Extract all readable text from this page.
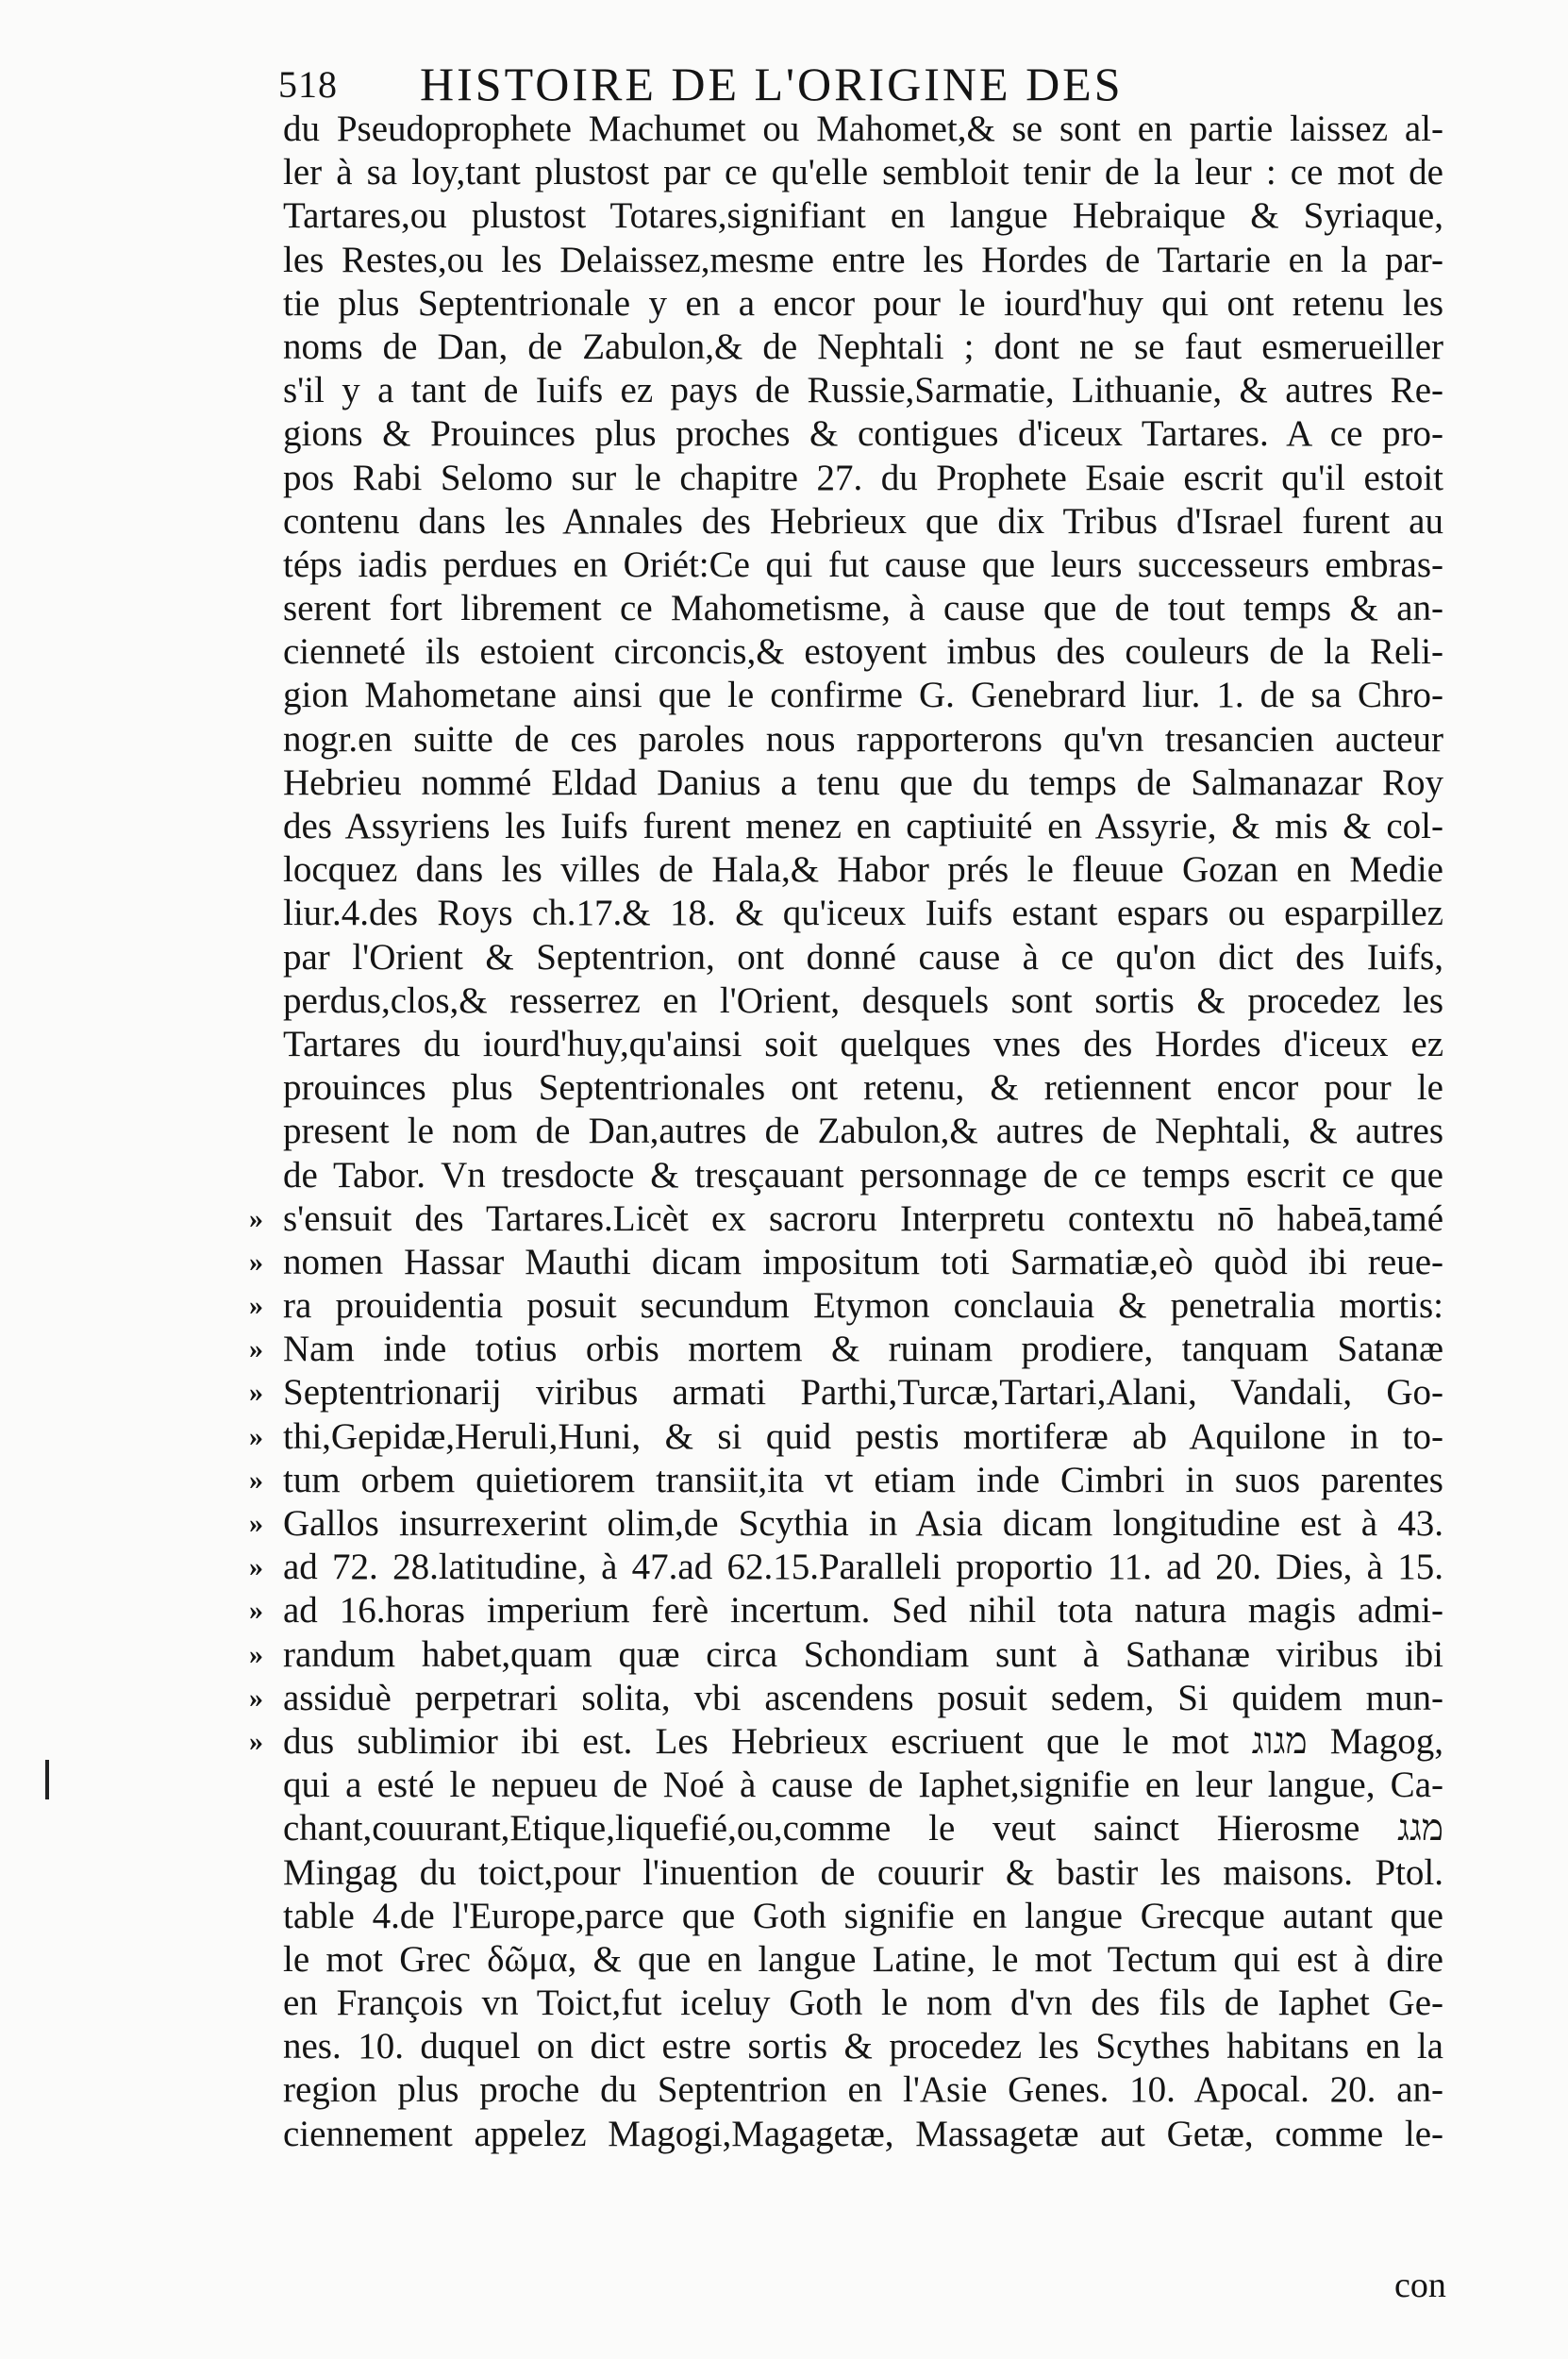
518 HISTOIRE DE L'ORIGINE DES
du Pseudoprophete Machumet ou Mahomet,& se sont en partie laissez al-
ler à sa loy,tant plustost par ce qu'elle sembloit tenir de la leur : ce mot de
Tartares,ou plustost Totares,signifiant en langue Hebraique & Syriaque,
les Restes,ou les Delaissez,mesme entre les Hordes de Tartarie en la par-
tie plus Septentrionale y en a encor pour le iourd'huy qui ont retenu les
noms de Dan, de Zabulon,& de Nephtali ; dont ne se faut esmerueiller
s'il y a tant de Iuifs ez pays de Russie,Sarmatie, Lithuanie, & autres Re-
gions & Prouinces plus proches & contigues d'iceux Tartares. A ce pro-
pos Rabi Selomo sur le chapitre 27. du Prophete Esaie escrit qu'il estoit
contenu dans les Annales des Hebrieux que dix Tribus d'Israel furent au
téps iadis perdues en Oriét:Ce qui fut cause que leurs successeurs embras-
serent fort librement ce Mahometisme, à cause que de tout temps & an-
cienneté ils estoient circoncis,& estoyent imbus des couleurs de la Reli-
gion Mahometane ainsi que le confirme G. Genebrard liur. 1. de sa Chro-
nogr.en suitte de ces paroles nous rapporterons qu'vn tresancien aucteur
Hebrieu nommé Eldad Danius a tenu que du temps de Salmanazar Roy
des Assyriens les Iuifs furent menez en captiuité en Assyrie, & mis & col-
locquez dans les villes de Hala,& Habor prés le fleuue Gozan en Medie
liur.4.des Roys ch.17.& 18. & qu'iceux Iuifs estant espars ou esparpillez
par l'Orient & Septentrion, ont donné cause à ce qu'on dict des Iuifs,
perdus,clos,& resserrez en l'Orient, desquels sont sortis & procedez les
Tartares du iourd'huy,qu'ainsi soit quelques vnes des Hordes d'iceux ez
prouinces plus Septentrionales ont retenu, & retiennent encor pour le
present le nom de Dan,autres de Zabulon,& autres de Nephtali, & autres
de Tabor. Vn tresdocte & tresçauant personnage de ce temps escrit ce que
» s'ensuit des Tartares.Licèt ex sacroru Interpretu contextu nō habeā,tamé
» nomen Hassar Mauthi dicam impositum toti Sarmatiæ,eò quòd ibi reue-
» ra prouidentia posuit secundum Etymon conclauia & penetralia mortis:
» Nam inde totius orbis mortem & ruinam prodiere, tanquam Satanæ
» Septentrionarij viribus armati Parthi,Turcæ,Tartari,Alani, Vandali, Go-
» thi,Gepidæ,Heruli,Huni, & si quid pestis mortiferæ ab Aquilone in to-
» tum orbem quietiorem transiit,ita vt etiam inde Cimbri in suos parentes
» Gallos insurrexerint olim,de Scythia in Asia dicam longitudine est à 43.
» ad 72. 28.latitudine, à 47.ad 62.15.Paralleli proportio 11. ad 20. Dies, à 15.
» ad 16.horas imperium ferè incertum. Sed nihil tota natura magis admi-
» randum habet,quam quæ circa Schondiam sunt à Sathanæ viribus ibi
» assiduè perpetrari solita, vbi ascendens posuit sedem, Si quidem mun-
» dus sublimior ibi est. Les Hebrieux escriuent que le mot מגוג Magog,
qui a esté le nepueu de Noé à cause de Iaphet,signifie en leur langue, Ca-
chant,couurant,Etique,liquefié,ou,comme le veut sainct Hierosme מגג
Mingag du toict,pour l'inuention de couurir & bastir les maisons. Ptol.
table 4.de l'Europe,parce que Goth signifie en langue Grecque autant que
le mot Grec δῶμα, & que en langue Latine, le mot Tectum qui est à dire
en François vn Toict,fut iceluy Goth le nom d'vn des fils de Iaphet Ge-
nes. 10. duquel on dict estre sortis & procedez les Scythes habitans en la
region plus proche du Septentrion en l'Asie Genes. 10. Apocal. 20. an-
ciennement appelez Magogi,Magagetæ, Massagetæ aut Getæ, comme le-
con
